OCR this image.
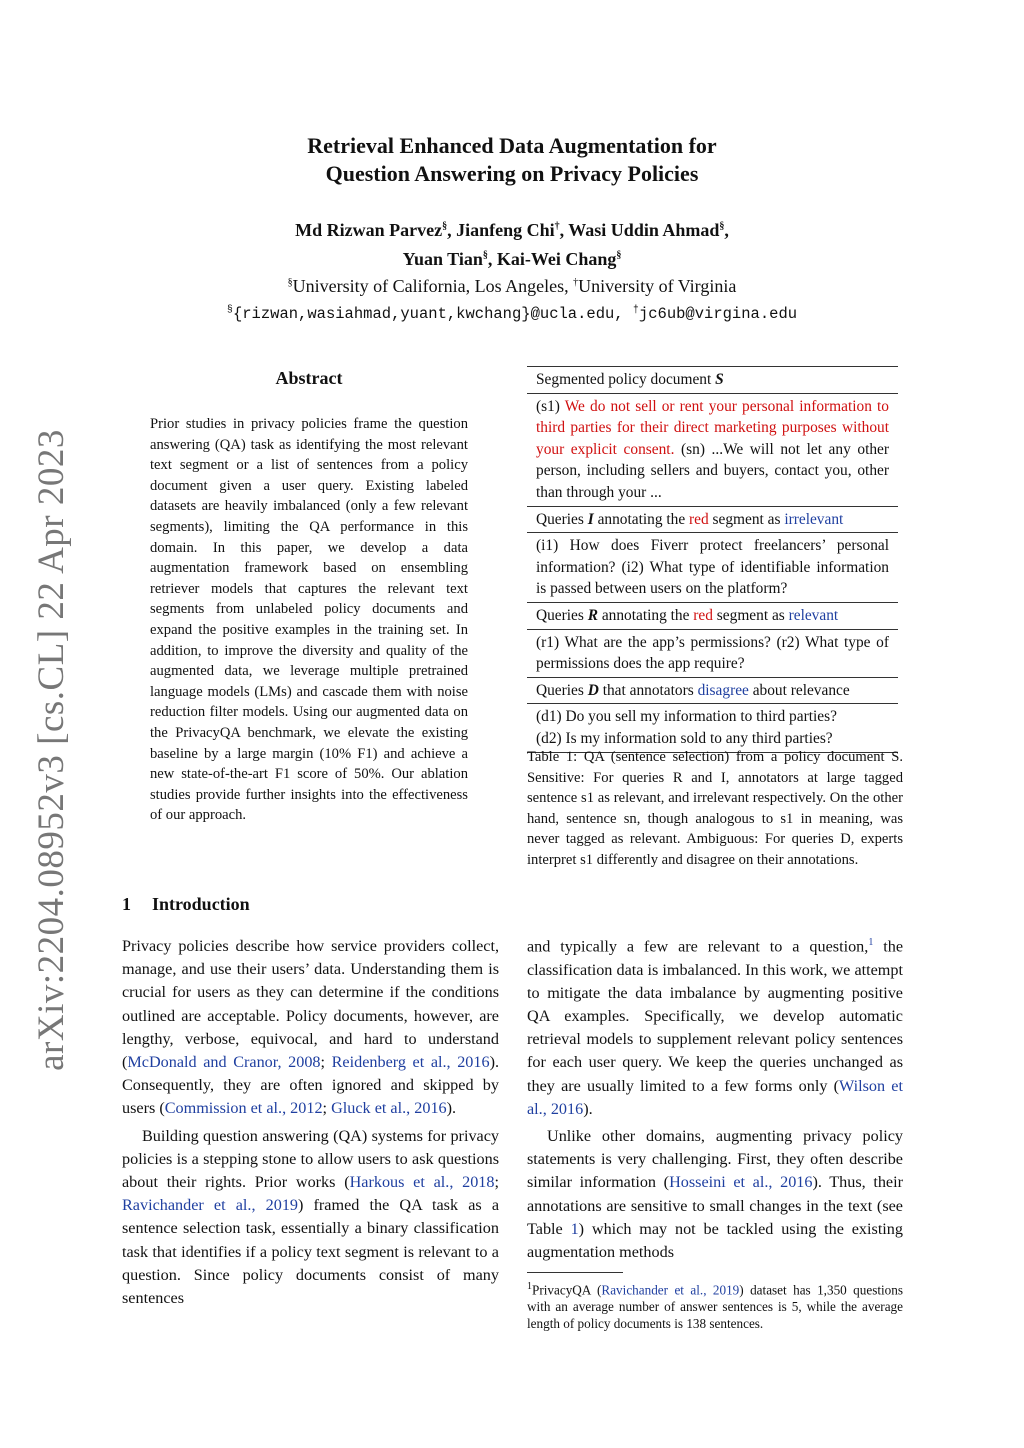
arXiv:2204.08952v3 [cs.CL] 22 Apr 2023
Retrieval Enhanced Data Augmentation for
Question Answering on Privacy Policies
Md Rizwan Parvez§, Jianfeng Chi†, Wasi Uddin Ahmad§,
Yuan Tian§, Kai-Wei Chang§
§University of California, Los Angeles, †University of Virginia
§{rizwan,wasiahmad,yuant,kwchang}@ucla.edu, †jc6ub@virgina.edu
Abstract
Prior studies in privacy policies frame the question answering (QA) task as identifying the most relevant text segment or a list of sentences from a policy document given a user query. Existing labeled datasets are heavily imbalanced (only a few relevant segments), limiting the QA performance in this domain. In this paper, we develop a data augmentation framework based on ensembling retriever models that captures the relevant text segments from unlabeled policy documents and expand the positive examples in the training set. In addition, to improve the diversity and quality of the augmented data, we leverage multiple pretrained language models (LMs) and cascade them with noise reduction filter models. Using our augmented data on the PrivacyQA benchmark, we elevate the existing baseline by a large margin (10% F1) and achieve a new state-of-the-art F1 score of 50%. Our ablation studies provide further insights into the effectiveness of our approach.
1 Introduction

Privacy policies describe how service providers collect, manage, and use their users’ data. Understanding them is crucial for users as they can determine if the conditions outlined are acceptable. Policy documents, however, are lengthy, verbose, equivocal, and hard to understand (McDonald and Cranor, 2008; Reidenberg et al., 2016). Consequently, they are often ignored and skipped by users (Commission et al., 2012; Gluck et al., 2016).

Building question answering (QA) systems for privacy policies is a stepping stone to allow users to ask questions about their rights. Prior works (Harkous et al., 2018; Ravichander et al., 2019) framed the QA task as a sentence selection task, essentially a binary classification task that identifies if a policy text segment is relevant to a question. Since policy documents consist of many sentences

Segmented policy document S
(s1) We do not sell or rent your personal information to third parties for their direct marketing purposes without your explicit consent. (sn) ...We will not let any other person, including sellers and buyers, contact you, other than through your ...
Queries I annotating the red segment as irrelevant
(i1) How does Fiverr protect freelancers’ personal information? (i2) What type of identifiable information is passed between users on the platform?
Queries R annotating the red segment as relevant
(r1) What are the app’s permissions? (r2) What type of permissions does the app require?
Queries D that annotators disagree about relevance

(d1) Do you sell my information to third parties?
(d2) Is my information sold to any third parties?
Table 1: QA (sentence selection) from a policy document S. Sensitive: For queries R and I, annotators at large tagged sentence s1 as relevant, and irrelevant respectively. On the other hand, sentence sn, though analogous to s1 in meaning, was never tagged as relevant. Ambiguous: For queries D, experts interpret s1 differently and disagree on their annotations.

and typically a few are relevant to a question,$^1$ the classification data is imbalanced. In this work, we attempt to mitigate the data imbalance by augmenting positive QA examples. Specifically, we develop automatic retrieval models to supplement relevant policy sentences for each user query. We keep the queries unchanged as they are usually limited to a few forms only (Wilson et al., 2016).

Unlike other domains, augmenting privacy policy statements is very challenging. First, they often describe similar information (Hosseini et al., 2016). Thus, their annotations are sensitive to small changes in the text (see Table 1) which may not be tackled using the existing augmentation methods

$^1$PrivacyQA (Ravichander et al., 2019) dataset has 1,350 questions with an average number of answer sentences is 5, while the average length of policy documents is 138 sentences.
